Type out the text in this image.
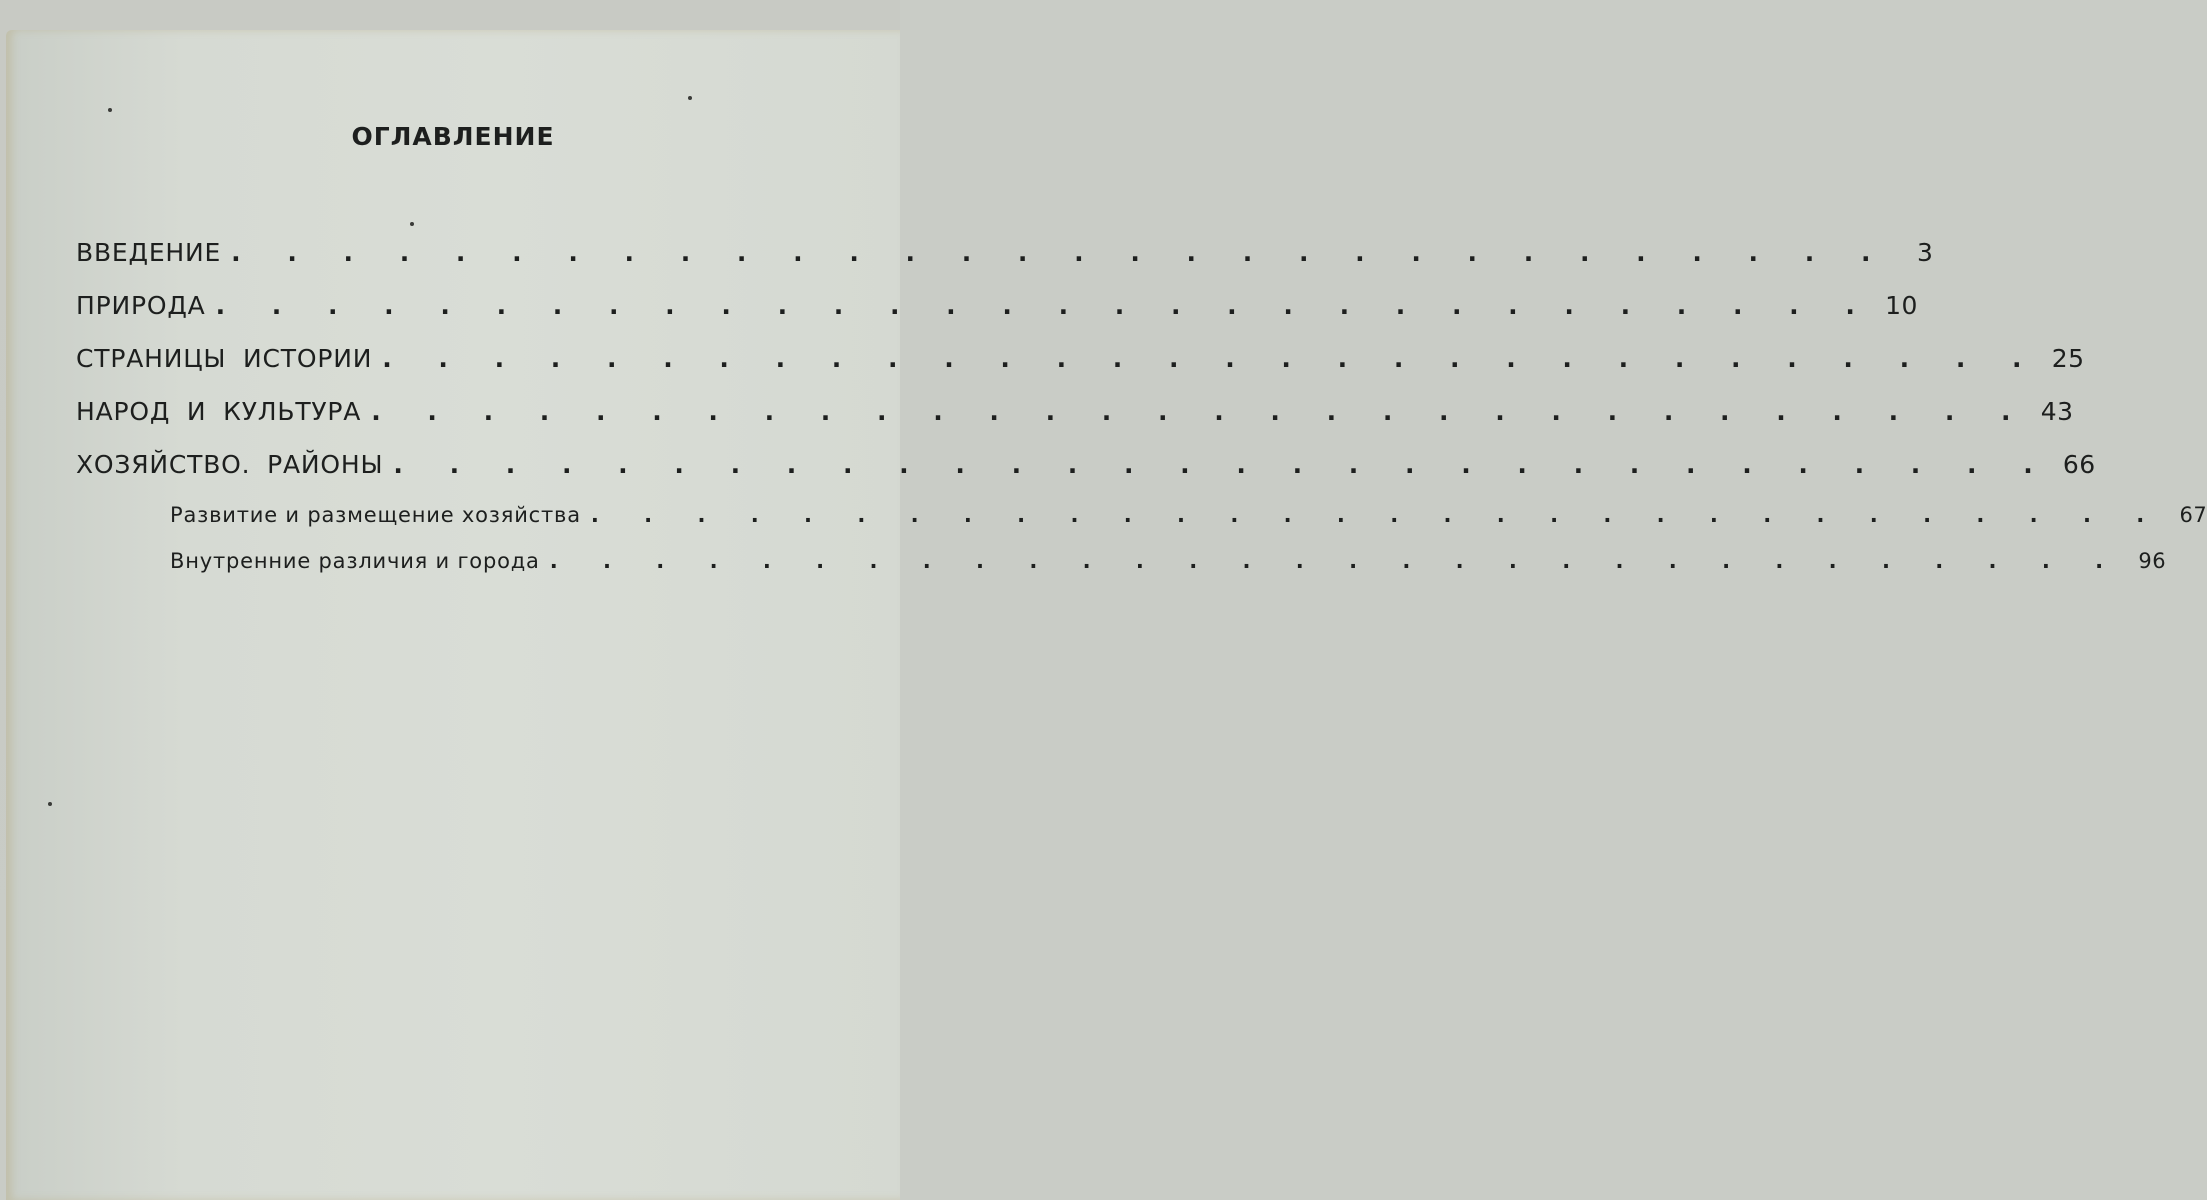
ОГЛАВЛЕНИЕ
ВВЕДЕНИЕ . . . . . . . . . . . . . . . . . . . . . . . . . . . . . .	3
ПРИРОДА . . . . . . . . . . . . . . . . . . . . . . . . . . . . . . 10
СТРАНИЦЫ ИСТОРИИ . . . . . . . . . . . . . . . . . . . . . . . . . . . . . . 25
НАРОД И КУЛЬТУРА . . . . . . . . . . . . . . . . . . . . . . . . . . . . . . 43
ХОЗЯЙСТВО. РАЙОНЫ . . . . . . . . . . . . . . . . . . . . . . . . . . . . . . 66
Развитие и размещение хозяйства . . . . . . . . . . . . . . . . . . . . . . . . . . . . . . 67
Внутренние различия и города . . . . . . . . . . . . . . . . . . . . . . . . . . . . . . 96
